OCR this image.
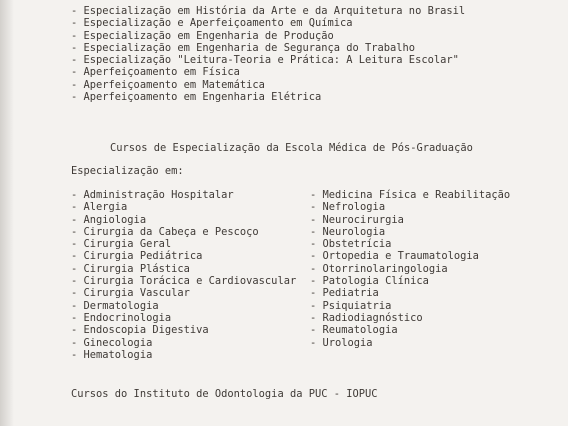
- Especialização em História da Arte e da Arquitetura no Brasil
- Especialização e Aperfeiçoamento em Química
- Especialização em Engenharia de Produção
- Especialização em Engenharia de Segurança do Trabalho
- Especialização "Leitura-Teoria e Prática: A Leitura Escolar"
- Aperfeiçoamento em Física
- Aperfeiçoamento em Matemática
- Aperfeiçoamento em Engenharia Elétrica
Cursos de Especialização da Escola Médica de Pós-Graduação
Especialização em:
- Administração Hospitalar
- Alergia
- Angiologia
- Cirurgia da Cabeça e Pescoço
- Cirurgia Geral
- Cirurgia Pediátrica
- Cirurgia Plástica
- Cirurgia Torácica e Cardiovascular
- Cirurgia Vascular
- Dermatologia
- Endocrinologia
- Endoscopia Digestiva
- Ginecologia
- Hematologia
- Medicina Física e Reabilitação
- Nefrologia
- Neurocirurgia
- Neurologia
- Obstetrícia
- Ortopedia e Traumatologia
- Otorrinolaringologia
- Patologia Clínica
- Pediatria
- Psiquiatria
- Radiodiagnóstico
- Reumatologia
- Urologia
Cursos do Instituto de Odontologia da PUC - IOPUC
